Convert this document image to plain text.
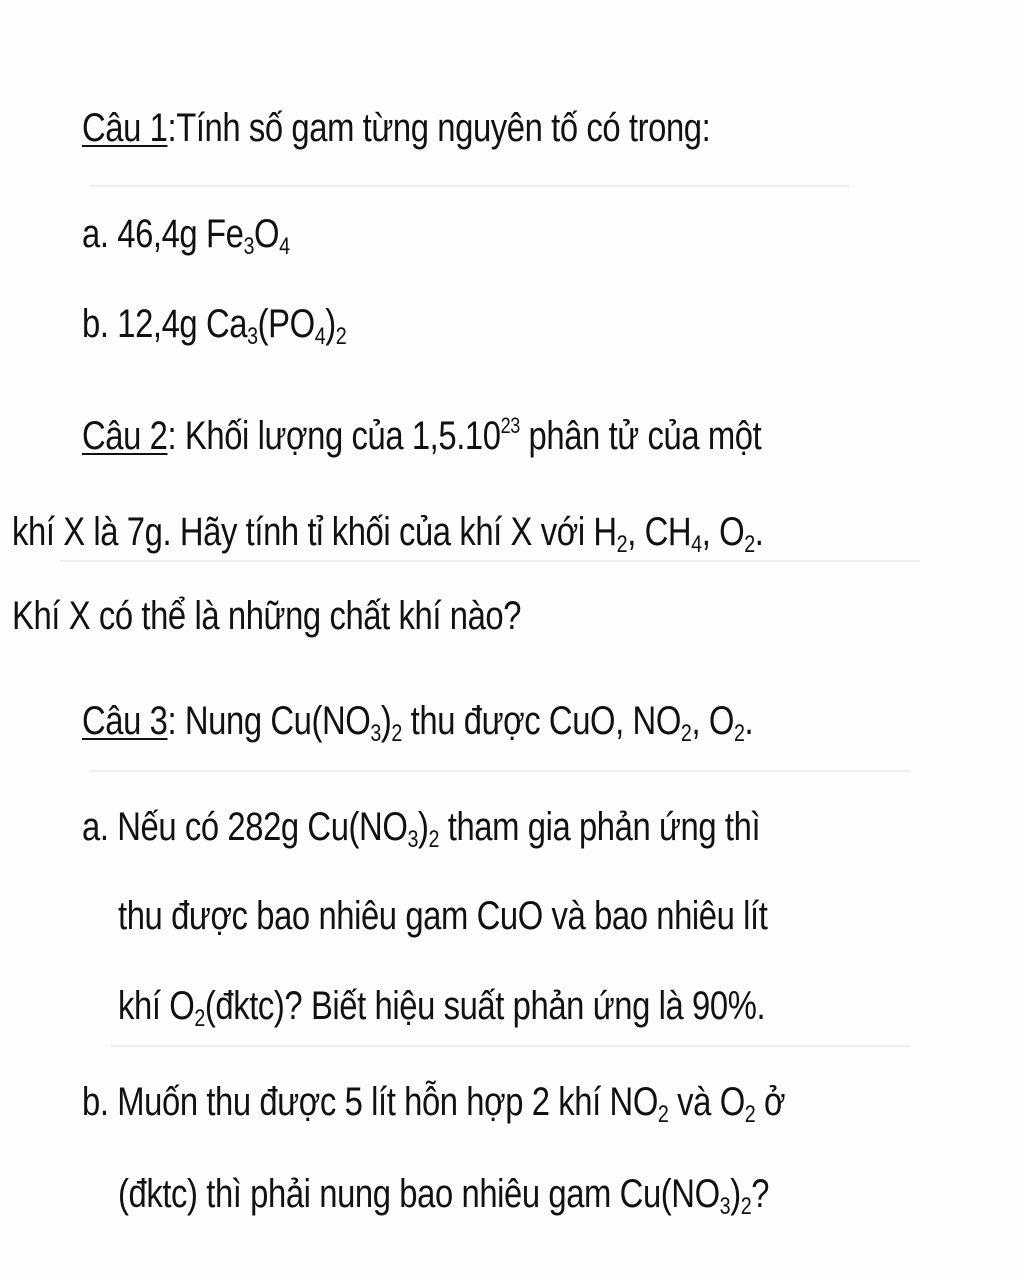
Câu 1:Tính số gam từng nguyên tố có trong:
a. 46,4g $Fe_3O_4$
b. 12,4g $Ca_3(PO_4)_2$
Câu 2: Khối lượng của 1,5.10$^{23}$ phân tử của một
khí X là 7g. Hãy tính tỉ khối của khí X với $H_2$, $CH_4$, $O_2$.
Khí X có thể là những chất khí nào?
Câu 3: Nung $Cu(NO_3)_2$ thu được CuO, $NO_2$, $O_2$.
a. Nếu có 282g $Cu(NO_3)_2$ tham gia phản ứng thì
thu được bao nhiêu gam CuO và bao nhiêu lít
khí $O_2(đktc)$? Biết hiệu suất phản ứng là 90%.
b. Muốn thu được 5 lít hỗn hợp 2 khí $NO_2$ và $O_2$ ở
(đktc) thì phải nung bao nhiêu gam $Cu(NO_3)_2$?
